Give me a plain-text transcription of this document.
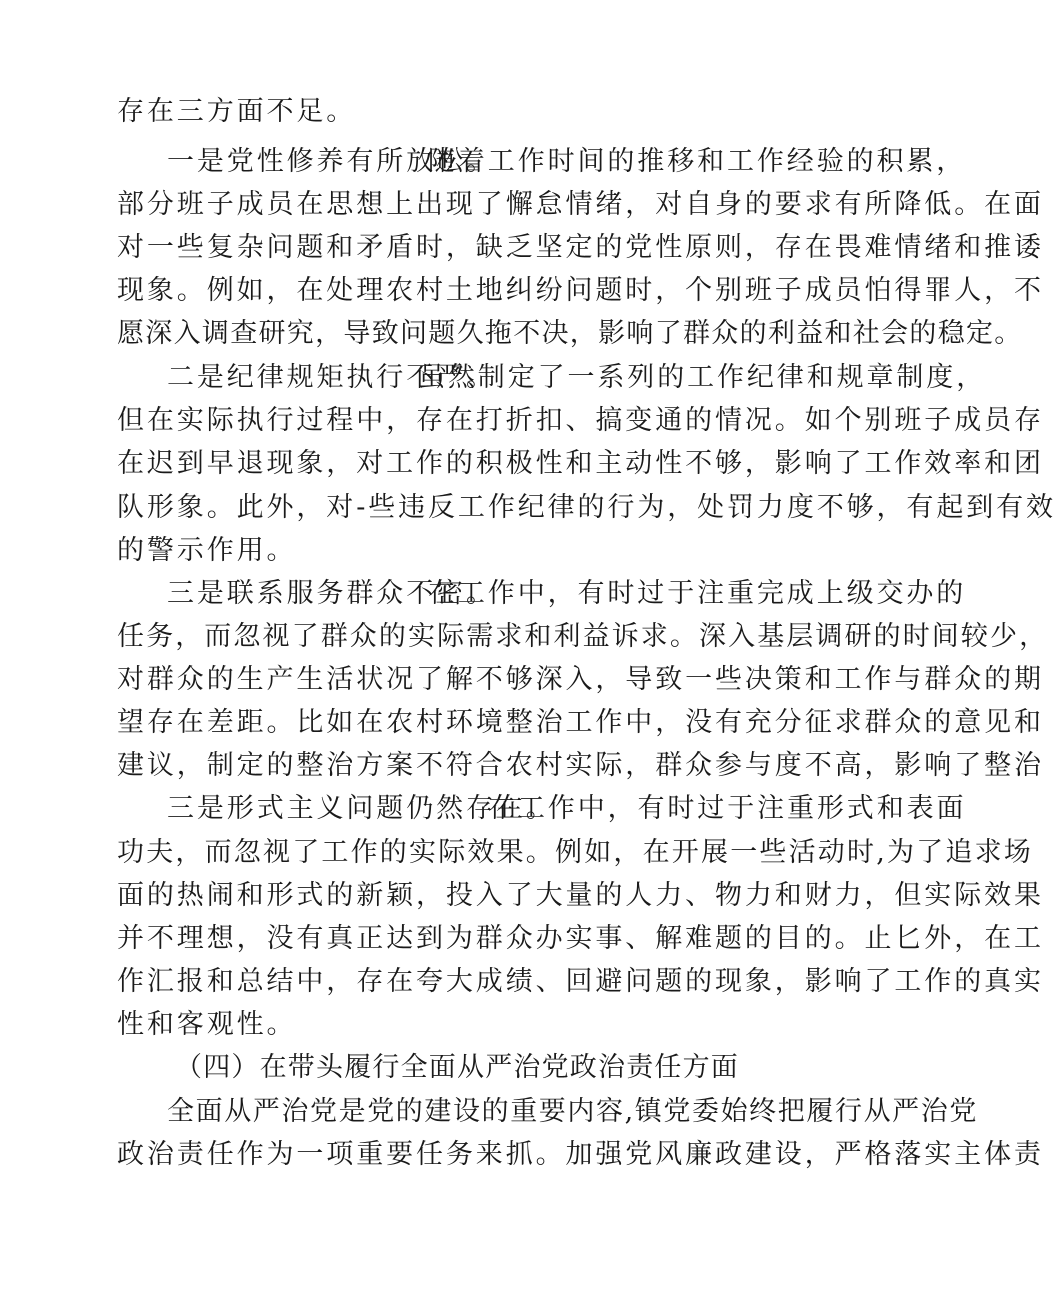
存在三方面不足。
一是党性修养有所放松。
随着工作时间的推移和工作经验的积累，
部分班子成员在思想上出现了懈怠情绪，对自身的要求有所降低。在面
对一些复杂问题和矛盾时，缺乏坚定的党性原则，存在畏难情绪和推诿
现象。例如，在处理农村土地纠纷问题时，个别班子成员怕得罪人，不
愿深入调查研究，导致问题久拖不决，影响了群众的利益和社会的稳定。
二是纪律规矩执行不严。
虽然制定了一系列的工作纪律和规章制度，
但在实际执行过程中，存在打折扣、搞变通的情况。如个别班子成员存
在迟到早退现象，对工作的积极性和主动性不够，影响了工作效率和团
队形象。此外，对-些违反工作纪律的行为，处罚力度不够，有起到有效
的警示作用。
三是联系服务群众不密。
在工作中，有时过于注重完成上级交办的
任务，而忽视了群众的实际需求和利益诉求。深入基层调研的时间较少，
对群众的生产生活状况了解不够深入，导致一些决策和工作与群众的期
望存在差距。比如在农村环境整治工作中，没有充分征求群众的意见和
建议，制定的整治方案不符合农村实际，群众参与度不高，影响了整治
三是形式主义问题仍然存在。
在工作中，有时过于注重形式和表面
功夫，而忽视了工作的实际效果。例如，在开展一些活动时,为了追求场
面的热闹和形式的新颖，投入了大量的人力、物力和财力，但实际效果
并不理想，没有真正达到为群众办实事、解难题的目的。止匕外，在工
作汇报和总结中，存在夸大成绩、回避问题的现象，影响了工作的真实
性和客观性。
（四）在带头履行全面从严治党政治责任方面
全面从严治党是党的建设的重要内容,镇党委始终把履行从严治党
政治责任作为一项重要任务来抓。加强党风廉政建设，严格落实主体责
